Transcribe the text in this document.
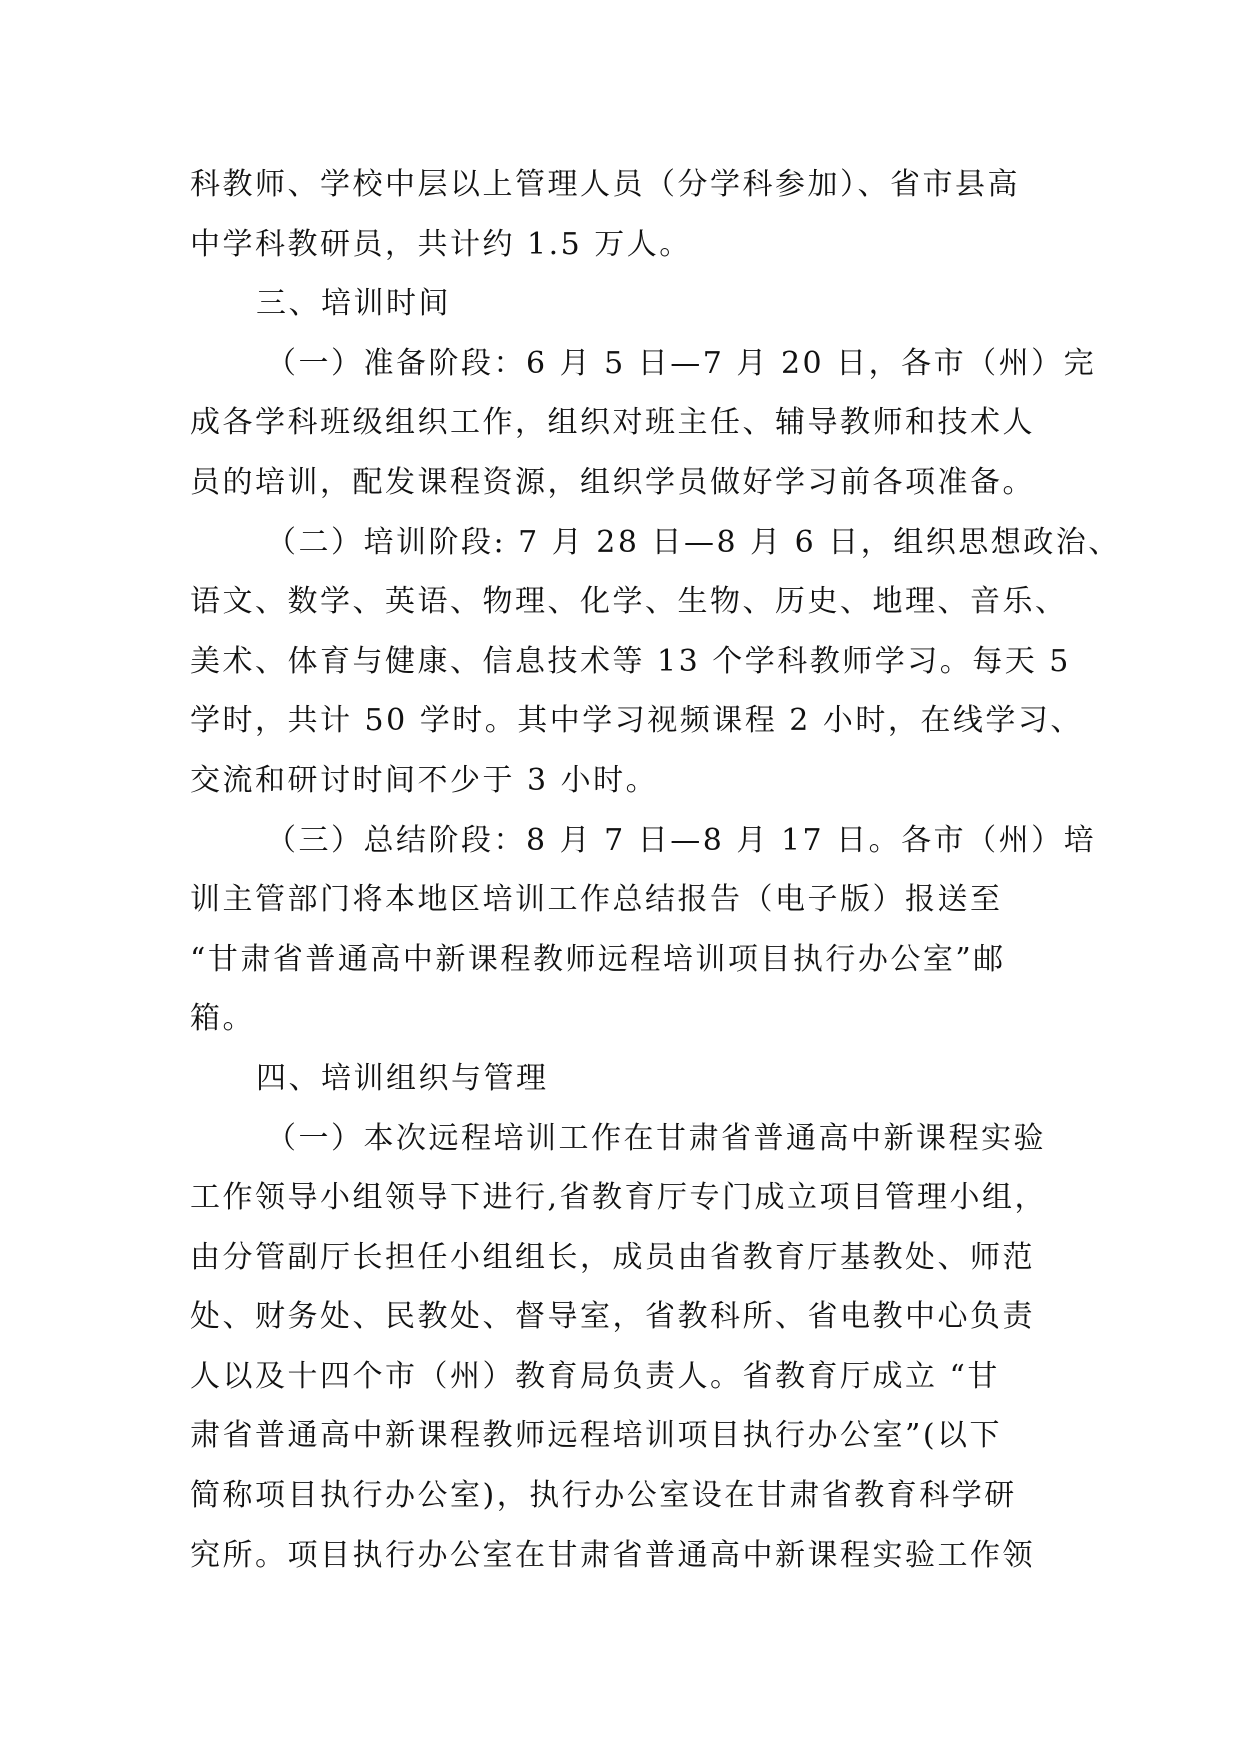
科教师、学校中层以上管理人员（分学科参加）、省市县高
中学科教研员，共计约 1.5 万人。
三、培训时间
（一）准备阶段：6 月 5 日—7 月 20 日，各市（州）完
成各学科班级组织工作，组织对班主任、辅导教师和技术人
员的培训，配发课程资源，组织学员做好学习前各项准备。
（二）培训阶段: 7 月 28 日—8 月 6 日，组织思想政治、
语文、数学、英语、物理、化学、生物、历史、地理、音乐、
美术、体育与健康、信息技术等 13 个学科教师学习。每天 5
学时，共计 50 学时。其中学习视频课程 2 小时，在线学习、
交流和研讨时间不少于 3 小时。
（三）总结阶段：8 月 7 日—8 月 17 日。各市（州）培
训主管部门将本地区培训工作总结报告（电子版）报送至
“甘肃省普通高中新课程教师远程培训项目执行办公室”邮
箱。
四、培训组织与管理
（一）本次远程培训工作在甘肃省普通高中新课程实验
工作领导小组领导下进行,省教育厅专门成立项目管理小组，
由分管副厅长担任小组组长，成员由省教育厅基教处、师范
处、财务处、民教处、督导室，省教科所、省电教中心负责
人以及十四个市（州）教育局负责人。省教育厅成立 “甘
肃省普通高中新课程教师远程培训项目执行办公室”(以下
简称项目执行办公室)，执行办公室设在甘肃省教育科学研
究所。项目执行办公室在甘肃省普通高中新课程实验工作领
